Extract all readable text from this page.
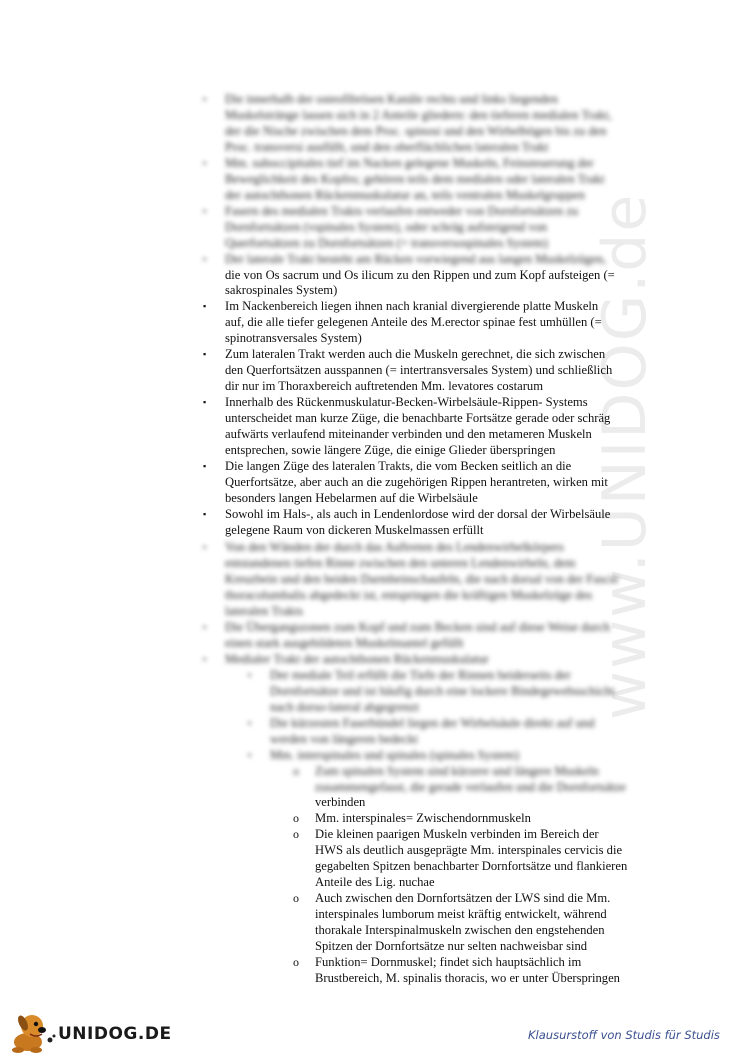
www.UNIDOG.de
▪ Die innerhalb der osteofibrösen Kanäle rechts und links liegenden
Muskelstränge lassen sich in 2 Anteile gliedern: den tieferen medialen Trakt,
der die Nische zwischen dem Proc. spinosi und den Wirbelbögen bis zu den
Proc. transversi ausfüllt, und den oberflächlichen lateralen Trakt
▪ Mm. suboccipitales tief im Nacken gelegene Muskeln, Feinsteuerung der
Beweglichkeit des Kopfes; gehören teils dem medialen oder lateralen Trakt
der autochthonen Rückenmuskulatur an, teils ventralen Muskelgruppen
▪ Fasern des medialen Trakts verlaufen entweder von Dornfortsätzen zu
Dornfortsätzen (vspinales System), oder schräg aufsteigend von
Querfortsätzen zu Dornfortsätzen (= transversospinales System)
▪ Der laterale Trakt besteht am Rücken vorwiegend aus langen Muskelzügen,
die von Os sacrum und Os ilicum zu den Rippen und zum Kopf aufsteigen (=
sakrospinales System)
▪ Im Nackenbereich liegen ihnen nach kranial divergierende platte Muskeln
auf, die alle tiefer gelegenen Anteile des M.erector spinae fest umhüllen (=
spinotransversales System)
▪ Zum lateralen Trakt werden auch die Muskeln gerechnet, die sich zwischen
den Querfortsätzen ausspannen (= intertransversales System) und schließlich
dir nur im Thoraxbereich auftretenden Mm. levatores costarum
▪ Innerhalb des Rückenmuskulatur-Becken-Wirbelsäule-Rippen- Systems
unterscheidet man kurze Züge, die benachbarte Fortsätze gerade oder schräg
aufwärts verlaufend miteinander verbinden und den metameren Muskeln
entsprechen, sowie längere Züge, die einige Glieder überspringen
▪ Die langen Züge des lateralen Trakts, die vom Becken seitlich an die
Querfortsätze, aber auch an die zugehörigen Rippen herantreten, wirken mit
besonders langen Hebelarmen auf die Wirbelsäule
▪ Sowohl im Hals-, als auch in Lendenlordose wird der dorsal der Wirbelsäule
gelegene Raum von dickeren Muskelmassen erfüllt
▪ Von den Wänden der durch das Auftreten des Lendenwirbelkörpers
entstandenen tiefen Rinne zwischen den unteren Lendenwirbeln, dem
Kreuzbein und den beiden Darmbeinschaufeln, die nach dorsal von der Fascie
thoracolumbalis abgedeckt ist, entspringen die kräftigen Muskelzüge des
lateralen Trakts
▪ Die Übergangszonen zum Kopf und zum Becken sind auf diese Weise durch
einen stark ausgebildeten Muskelmantel gefüllt
▪ Medialer Trakt der autochthonen Rückenmuskulatur
▪ Der mediale Teil erfüllt die Tiefe der Rinnen beiderseits der
Dornfortsätze und ist häufig durch eine lockere Bindegewebsschicht
nach dorso-lateral abgegrenzt
▪ Die kürzesten Faserbündel liegen der Wirbelsäule direkt auf und
werden von längeren bedeckt
▪ Mm. interspinales und spinales (spinales System)
o Zum spinalen System sind kürzere und längere Muskeln
zusammengefasst, die gerade verlaufen und die Dornfortsätze
verbinden
o Mm. interspinales= Zwischendornmuskeln
o Die kleinen paarigen Muskeln verbinden im Bereich der
HWS als deutlich ausgeprägte Mm. interspinales cervicis die
gegabelten Spitzen benachbarter Dornfortsätze und flankieren
Anteile des Lig. nuchae
o Auch zwischen den Dornfortsätzen der LWS sind die Mm.
interspinales lumborum meist kräftig entwickelt, während
thorakale Interspinalmuskeln zwischen den engstehenden
Spitzen der Dornfortsätze nur selten nachweisbar sind
o Funktion= Dornmuskel; findet sich hauptsächlich im
Brustbereich, M. spinalis thoracis, wo er unter Überspringen
UNIDOG.DE	Klausurstoff von Studis für Studis
